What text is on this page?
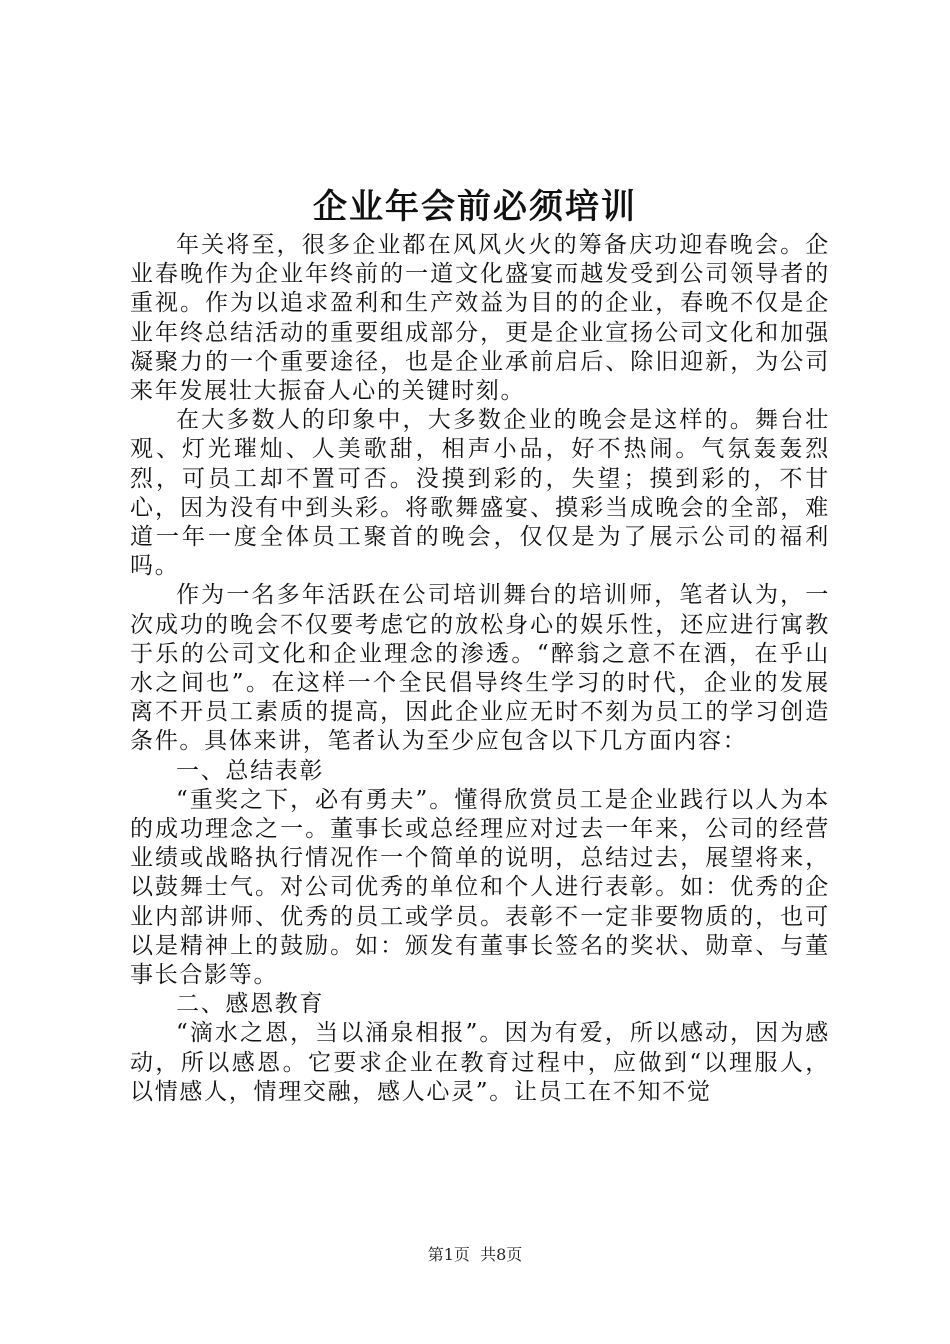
企业年会前必须培训

年关将至，很多企业都在风风火火的筹备庆功迎春晚会。企业春晚作为企业年终前的一道文化盛宴而越发受到公司领导者的重视。作为以追求盈利和生产效益为目的的企业，春晚不仅是企业年终总结活动的重要组成部分，更是企业宣扬公司文化和加强凝聚力的一个重要途径，也是企业承前启后、除旧迎新，为公司来年发展壮大振奋人心的关键时刻。

在大多数人的印象中，大多数企业的晚会是这样的。舞台壮观、灯光璀灿、人美歌甜，相声小品，好不热闹。气氛轰轰烈烈，可员工却不置可否。没摸到彩的，失望；摸到彩的，不甘心，因为没有中到头彩。将歌舞盛宴、摸彩当成晚会的全部，难道一年一度全体员工聚首的晚会，仅仅是为了展示公司的福利吗。

作为一名多年活跃在公司培训舞台的培训师，笔者认为，一次成功的晚会不仅要考虑它的放松身心的娱乐性，还应进行寓教于乐的公司文化和企业理念的渗透。“醉翁之意不在酒，在乎山水之间也”。在这样一个全民倡导终生学习的时代，企业的发展离不开员工素质的提高，因此企业应无时不刻为员工的学习创造条件。具体来讲，笔者认为至少应包含以下几方面内容：

一、总结表彰

“重奖之下，必有勇夫”。懂得欣赏员工是企业践行以人为本的成功理念之一。董事长或总经理应对过去一年来，公司的经营业绩或战略执行情况作一个简单的说明，总结过去，展望将来，以鼓舞士气。对公司优秀的单位和个人进行表彰。如：优秀的企业内部讲师、优秀的员工或学员。表彰不一定非要物质的，也可以是精神上的鼓励。如：颁发有董事长签名的奖状、勋章、与董事长合影等。

二、感恩教育

“滴水之恩，当以涌泉相报”。因为有爱，所以感动，因为感动，所以感恩。它要求企业在教育过程中，应做到“以理服人，以情感人，情理交融，感人心灵”。让员工在不知不觉

第1页  共8页
